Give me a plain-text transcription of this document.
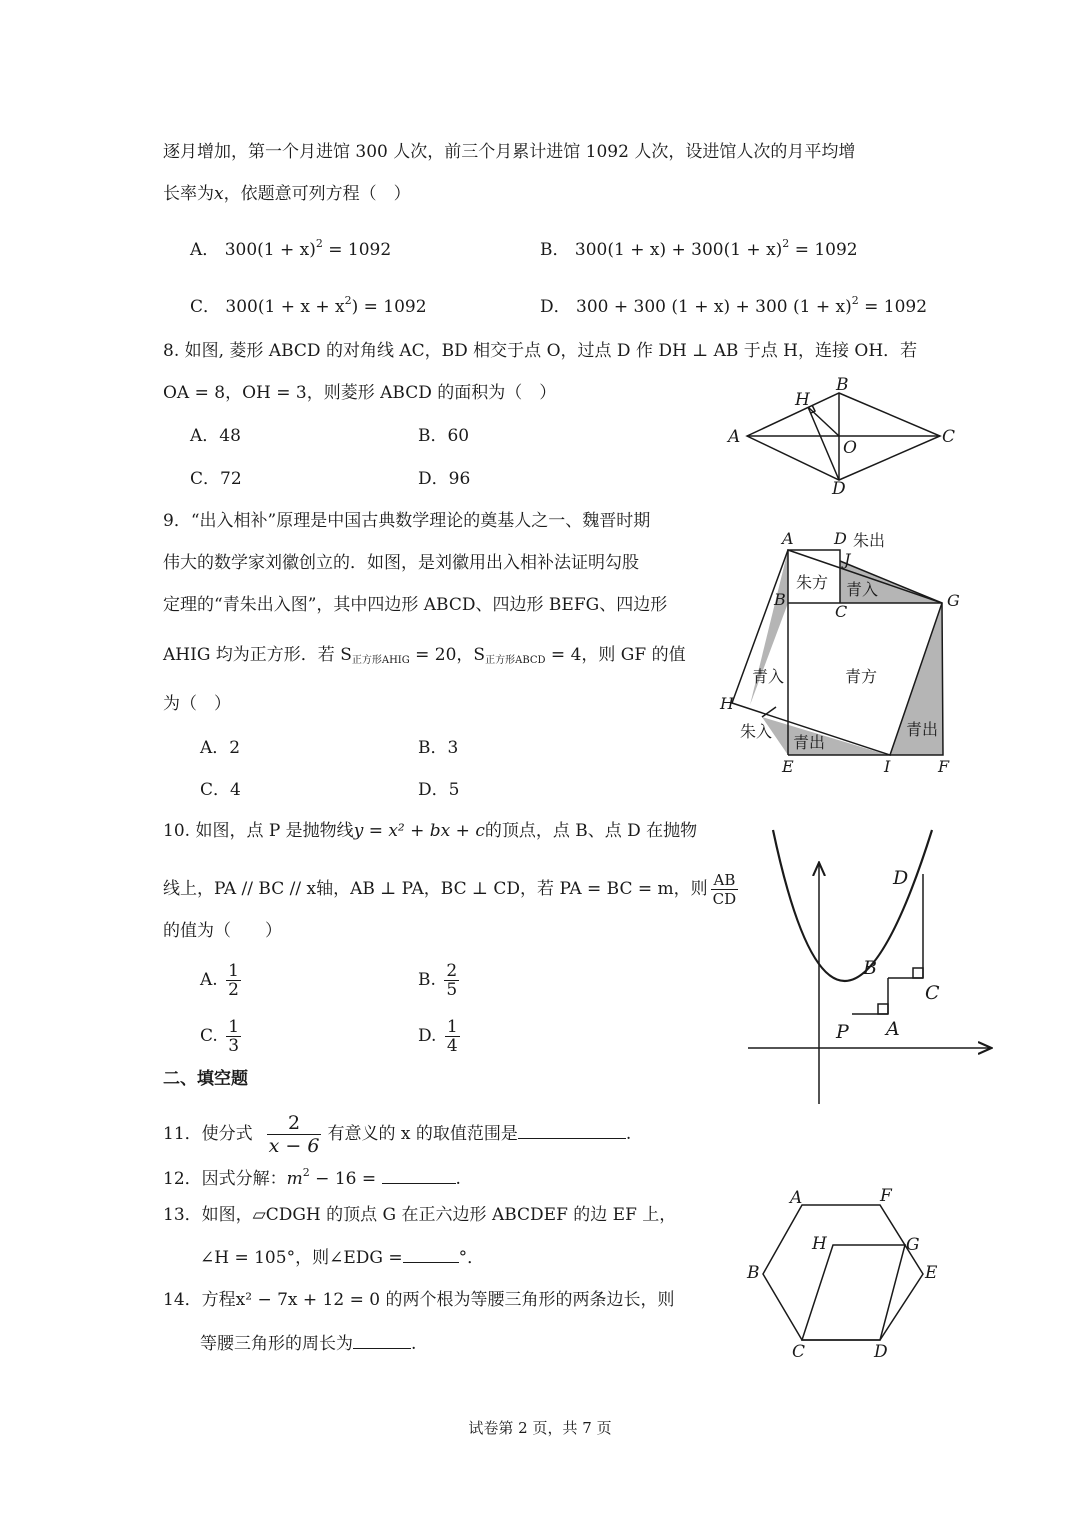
逐月增加，第一个月进馆 300 人次，前三个月累计进馆 1092 人次，设进馆人次的月平均增
长率为x，依题意可列方程（　）
A． $300(1 + x)^2 = 1092$	B． $300(1 + x) + 300(1 + x)^2 = 1092$
C． $300(1 + x + x^2) = 1092$	D． 300 + 300 (1 + x) + 300 $(1 + x)^2 = 1092$
8. 如图, 菱形 ABCD 的对角线 AC，BD 相交于点 O，过点 D 作 DH ⊥ AB 于点 H，连接 OH．若
OA = 8，OH = 3，则菱形 ABCD 的面积为（　）
A．48	B．60
C．72	D．96
A
B
C
D
H
O
9．“出入相补”原理是中国古典数学理论的奠基人之一、魏晋时期
伟大的数学家刘徽创立的．如图，是刘徽用出入相补法证明勾股
定理的“青朱出入图”，其中四边形 ABCD、四边形 BEFG、四边形
AHIG 均为正方形．若 $S_{正方形AHIG} = 20$，$S_{正方形ABCD} = 4$，则 GF 的值
为（　）
A．2	B．3
C．4	D．5
A	D
J
B
C
G
H
E	I	F
朱出
朱方 青入
青入	青方
朱入
青出
青出
10. 如图，点 P 是抛物线y = x² + bx + c的顶点，点 B、点 D 在抛物
线上，PA // BC // x轴，AB ⊥ PA，BC ⊥ CD，若 PA = BC = m，则 $\frac{AB}{CD}$
的值为（　　）
A. $\frac{1}{2}$	B. $\frac{2}{5}$
C. $\frac{1}{3}$	D. $\frac{1}{4}$	P A
B
C
D
二、填空题
11．使分式 $\frac{2}{x - 6}$ 有意义的 x 的取值范围是	.
12．因式分解：$m^2 - 16$ =	.
13．如图，▱CDGH 的顶点 G 在正六边形 ABCDEF 的边 EF 上，
∠H = 105°，则∠EDG =	°．
A	F
B	E
C	D
H	G
14．方程x² − 7x + 12 = 0 的两个根为等腰三角形的两条边长，则
等腰三角形的周长为	.
试卷第 2 页，共 7 页
